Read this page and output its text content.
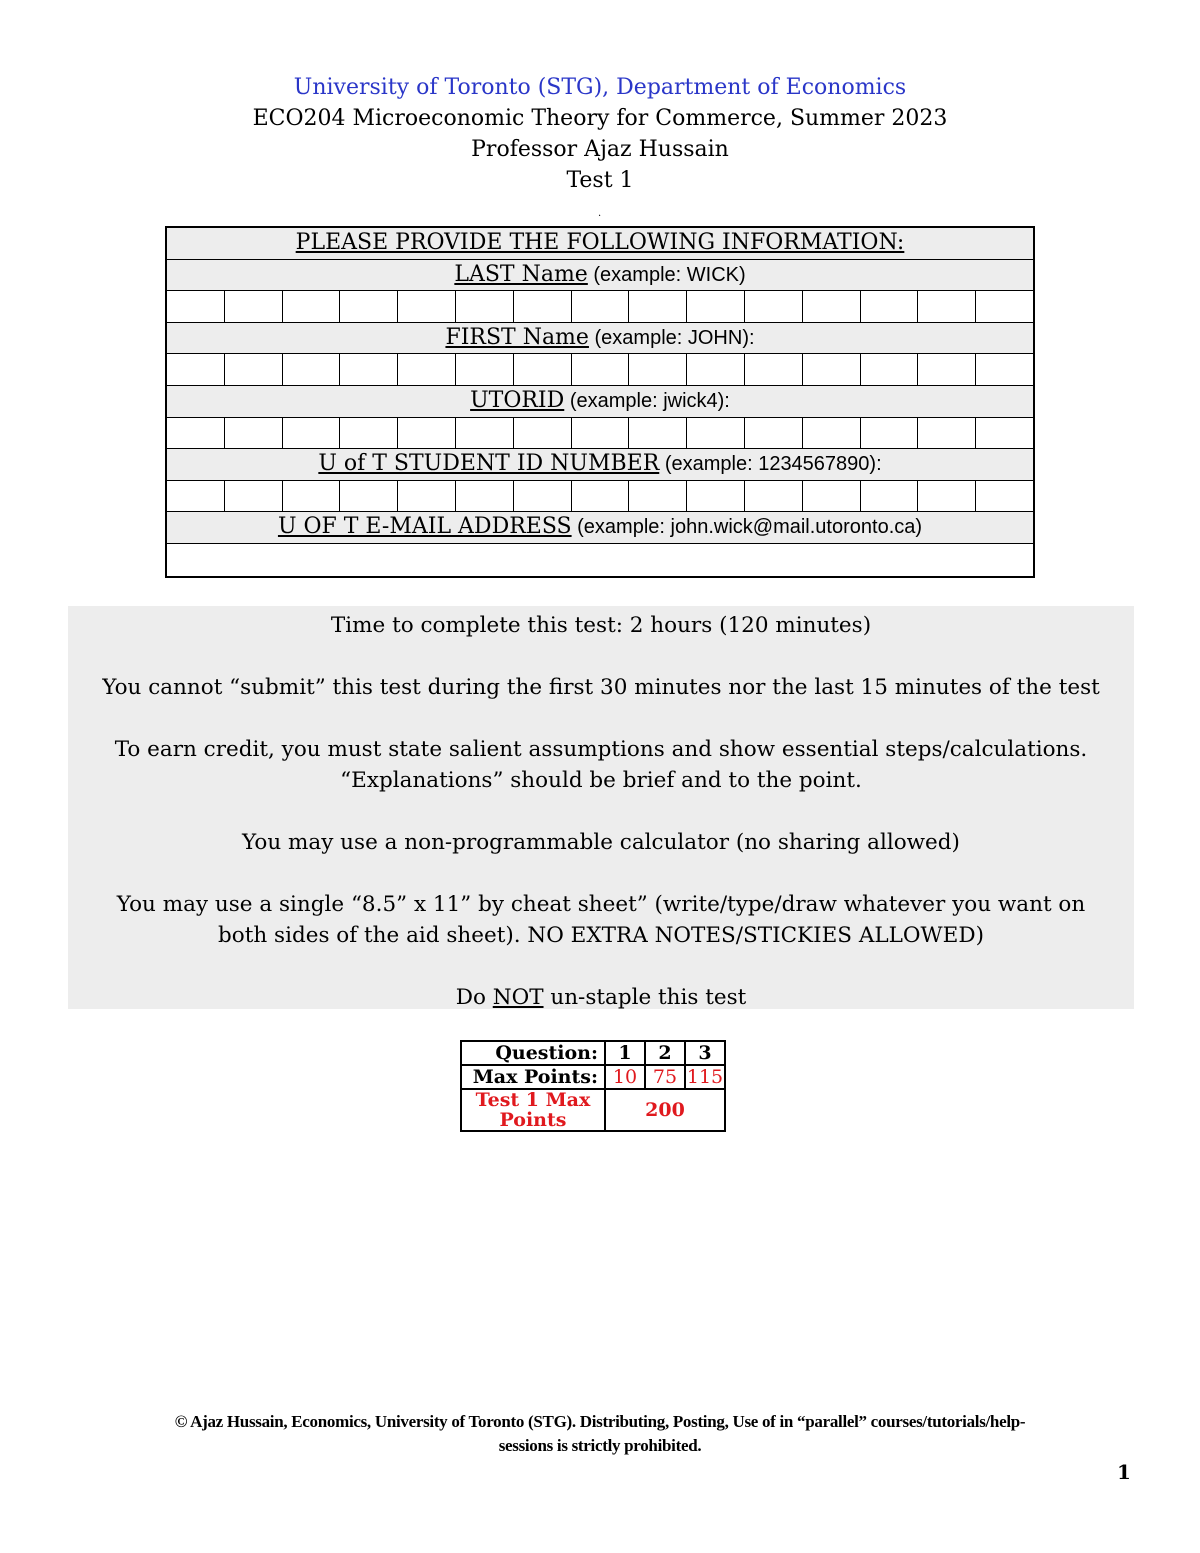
University of Toronto (STG), Department of Economics
ECO204 Microeconomic Theory for Commerce, Summer 2023
Professor Ajaz Hussain
Test 1
.
PLEASE PROVIDE THE FOLLOWING INFORMATION:
LAST Name (example: WICK)
FIRST Name (example: JOHN):
UTORID (example: jwick4):
U of T STUDENT ID NUMBER (example: 1234567890):
U OF T E-MAIL ADDRESS (example: john.wick@mail.utoronto.ca)

Time to complete this test: 2 hours (120 minutes)

You cannot “submit” this test during the first 30 minutes nor the last 15 minutes of the test

To earn credit, you must state salient assumptions and show essential steps/calculations.

“Explanations” should be brief and to the point.

You may use a non-programmable calculator (no sharing allowed)

You may use a single “8.5” x 11” by cheat sheet” (write/type/draw whatever you want on

both sides of the aid sheet). NO EXTRA NOTES/STICKIES ALLOWED)

Do NOT un-staple this test

Question:	1	2	3
Max Points:	10	75	115
Test 1 Max Points	200		
© Ajaz Hussain, Economics, University of Toronto (STG). Distributing, Posting, Use of in “parallel” courses/tutorials/help-
sessions is strictly prohibited.
1
